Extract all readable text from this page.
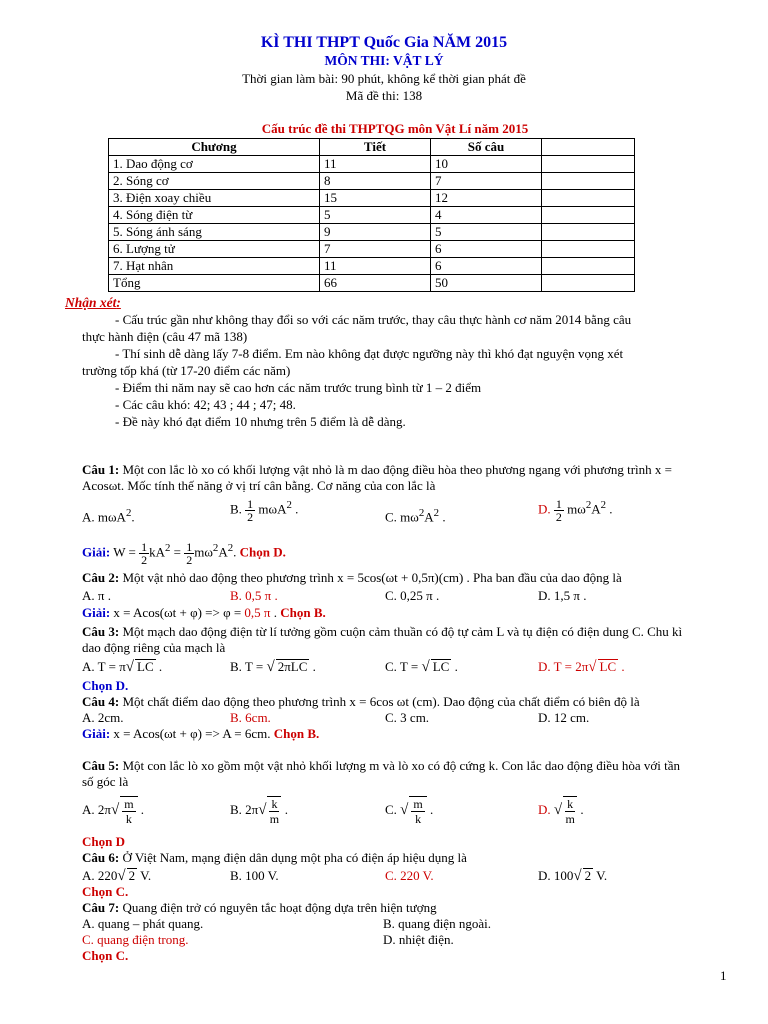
KÌ THI THPT Quốc Gia NĂM 2015
MÔN THI: VẬT LÝ
Thời gian làm bài: 90 phút, không kể thời gian phát đề
Mã đề thi: 138
Cấu trúc đề thi THPTQG môn Vật Lí năm 2015
Chương	Tiết	Số câu	
1. Dao động cơ	11	10	
2. Sóng cơ	8	7	
3. Điện xoay chiều	15	12	
4. Sóng điện từ	5	4	
5. Sóng ánh sáng	9	5	
6. Lượng tử	7	6	
7. Hạt nhân	11	6	
Tổng	66	50	
Nhận xét:
- Cấu trúc gần như không thay đổi so với các năm trước, thay câu thực hành cơ năm 2014 bằng câu
thực hành điện (câu 47 mã 138)
- Thí sinh dễ dàng lấy 7-8 điểm. Em nào không đạt được ngưỡng này thì khó đạt nguyện vọng xét
trường tốp khá (từ 17-20 điểm các năm)
- Điểm thi năm nay sẽ cao hơn các năm trước trung bình từ 1 – 2 điểm
- Các câu khó: 42; 43 ; 44 ; 47; 48.
- Đề này khó đạt điểm 10 nhưng trên 5 điểm là dễ dàng.
Câu 1: Một con lắc lò xo có khối lượng vật nhỏ là m dao động điều hòa theo phương ngang với phương trình x =
Acosωt. Mốc tính thế năng ở vị trí cân bằng. Cơ năng của con lắc là
A. mωA$^2$.
B. $\frac{1}{2} m\omega A^2$ .
C. $m\omega^2A^2$ .
D. $\frac{1}{2} m\omega^2A^2$ .
Giải: $W = \frac{1}{2} kA^2 = \frac{1}{2} m\omega^2A^2$. Chọn D.
Câu 2: Một vật nhỏ dao động theo phương trình x = 5cos(ωt + 0,5π)(cm) . Pha ban đầu của dao động là
A. π .	B. 0,5 π .	C. 0,25 π .	D. 1,5 π .
Giải: x = Acos(ωt + φ) => φ = 0,5 π . Chọn B.
Câu 3: Một mạch dao động điện từ lí tưởng gồm cuộn cảm thuần có độ tự cảm L và tụ điện có điện dung C. Chu kì
dao động riêng của mạch là
A. T = π√ LC .	B. T = √ 2πLC .	C. T = √ LC .	D. T = 2π√ LC .
Chọn D.
Câu 4: Một chất điểm dao động theo phương trình x = 6cos ωt (cm). Dao động của chất điểm có biên độ là
A. 2cm.	B. 6cm.	C. 3 cm.	D. 12 cm.
Giải: x = Acos(ωt + φ) => A = 6cm. Chọn B.
Câu 5: Một con lắc lò xo gồm một vật nhỏ khối lượng m và lò xo có độ cứng k. Con lắc dao động điều hòa với tần
số góc là
A. $2\pi√ \frac{m}{k}$ .	B. $2\pi√ \frac{k}{m}$ .	C. √ $\frac{m}{k}$ .	D. √ $\frac{k}{m}$ .
Chọn D
Câu 6: Ở Việt Nam, mạng điện dân dụng một pha có điện áp hiệu dụng là
A. 220√ 2 V.	B. 100 V.	C. 220 V.	D. 100√ 2 V.
Chọn C.
Câu 7: Quang điện trở có nguyên tắc hoạt động dựa trên hiện tượng
A. quang – phát quang.	B. quang điện ngoài.
C. quang điện trong.	D. nhiệt điện.
Chọn C.
1
